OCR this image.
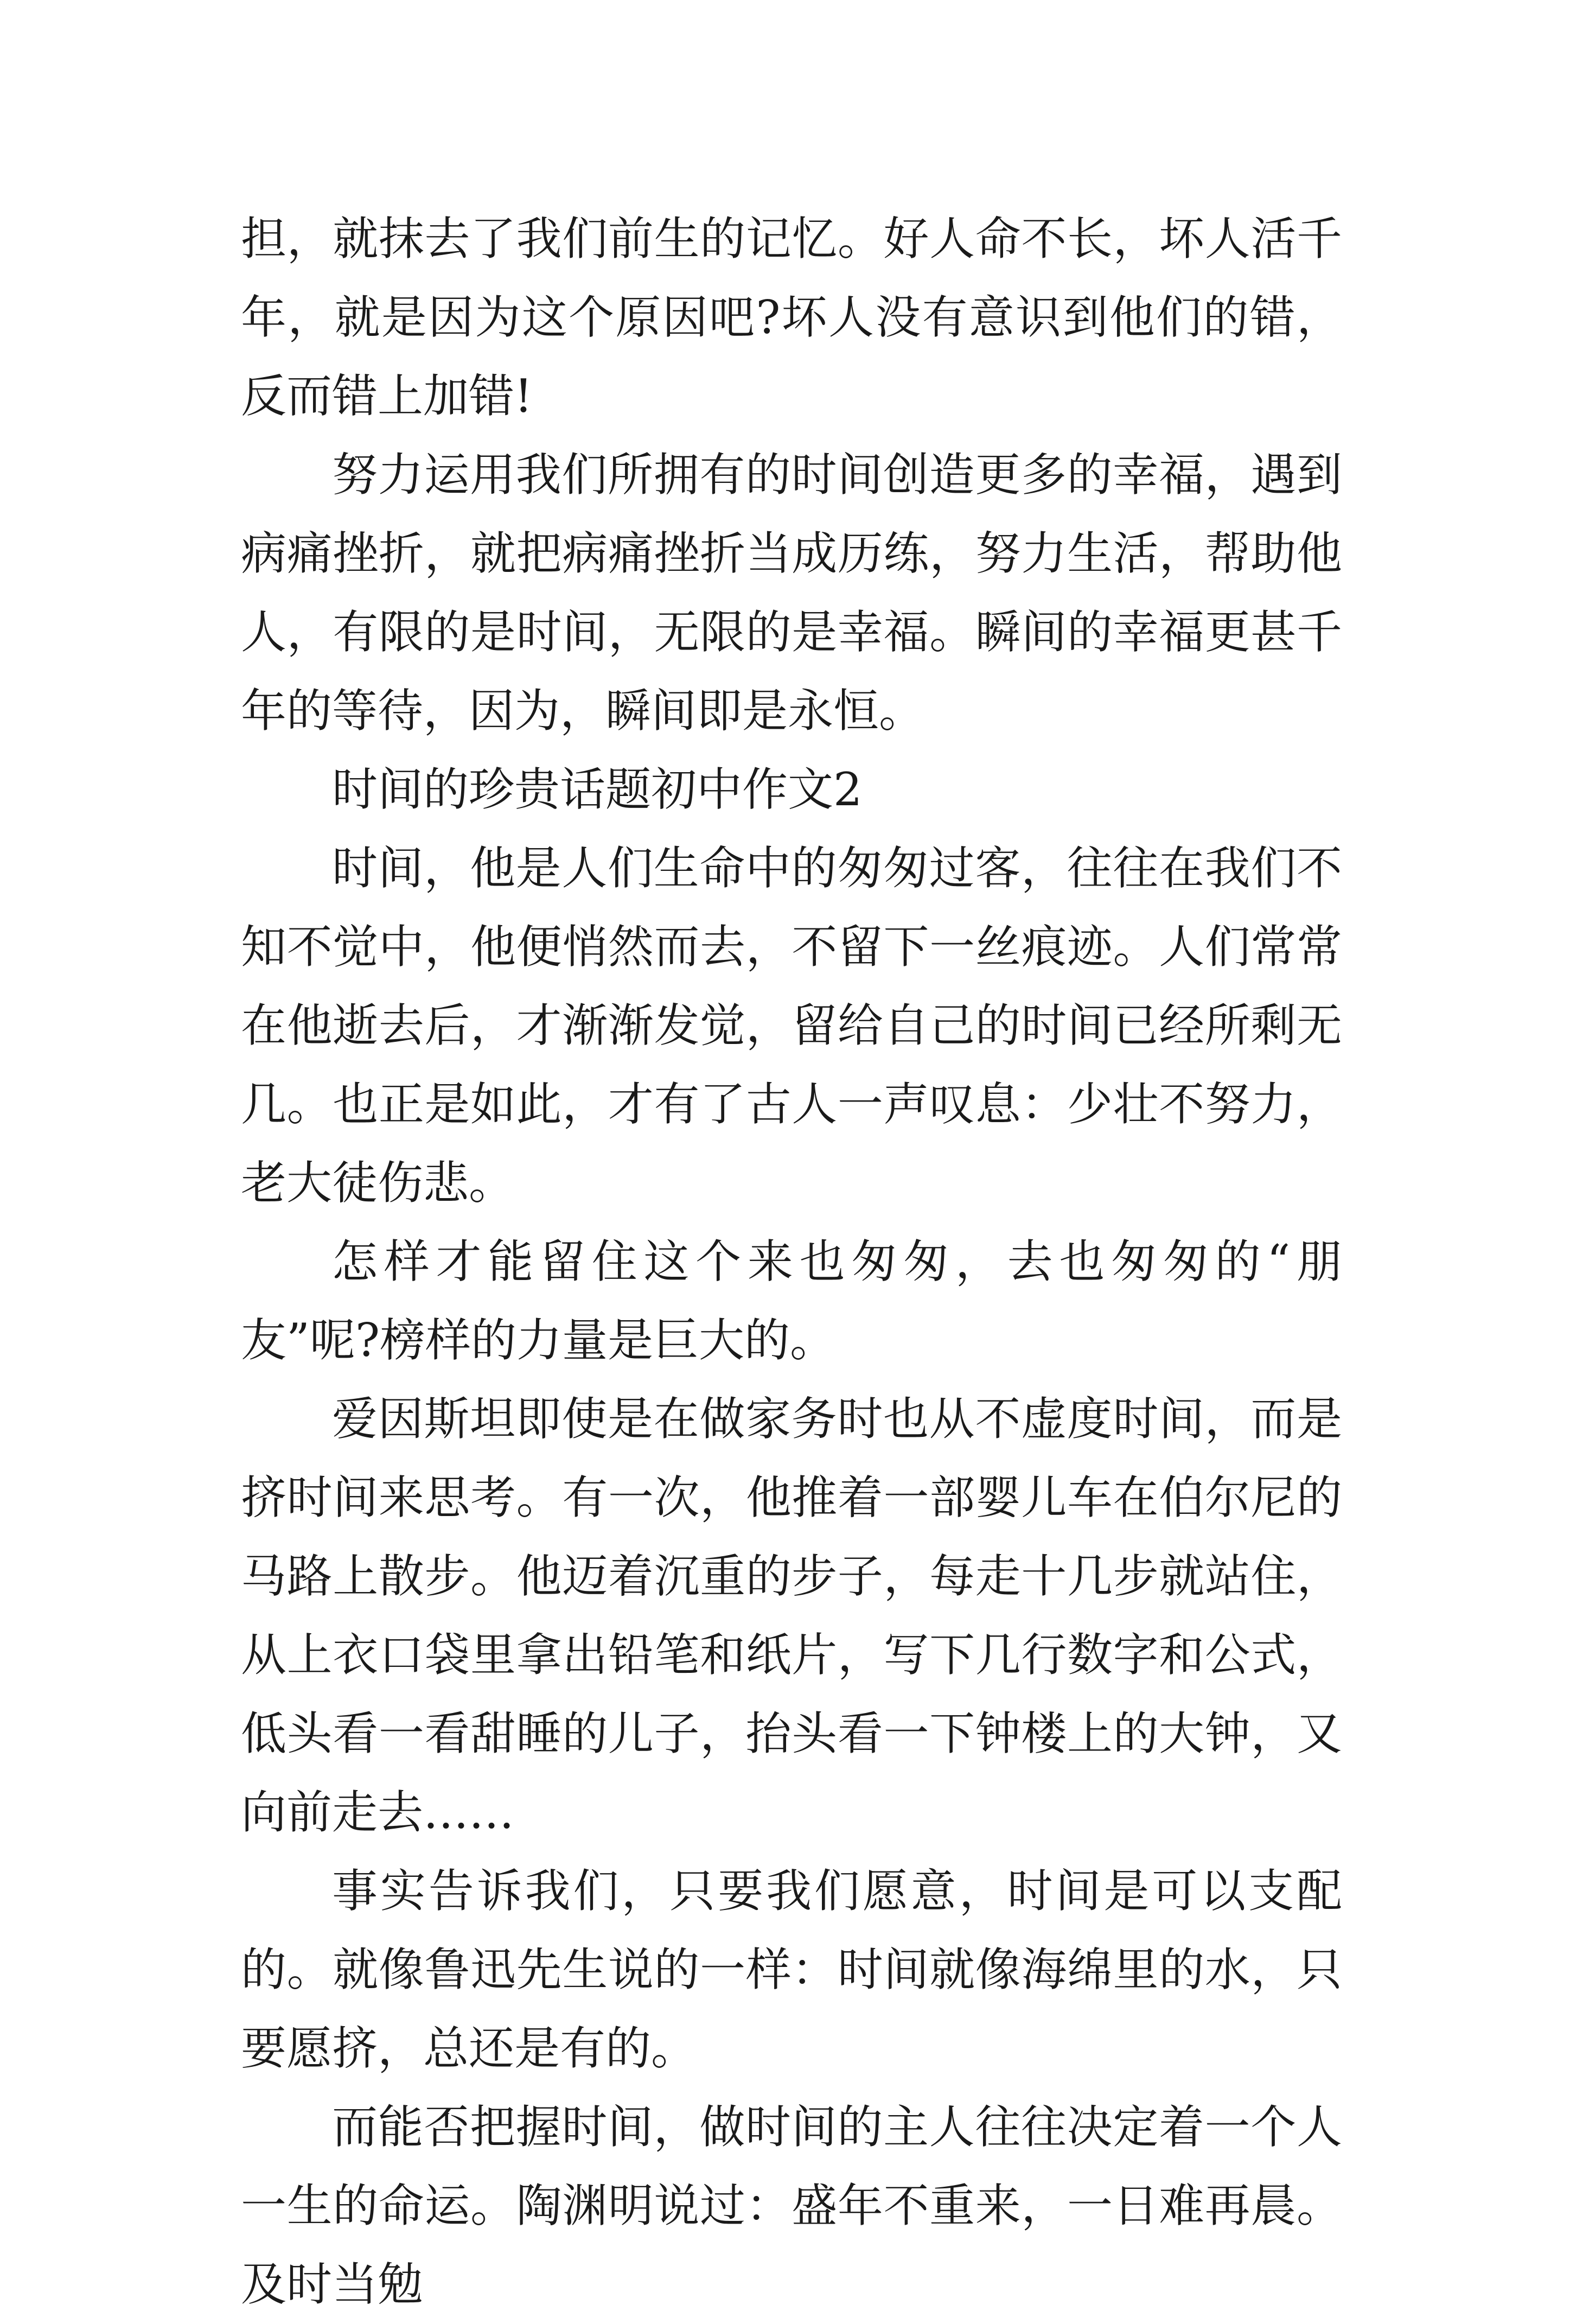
担，就抹去了我们前生的记忆。好人命不长，坏人活千年，就是因为这个原因吧?坏人没有意识到他们的错，反而错上加错!

努力运用我们所拥有的时间创造更多的幸福，遇到病痛挫折，就把病痛挫折当成历练，努力生活，帮助他人，有限的是时间，无限的是幸福。瞬间的幸福更甚千年的等待，因为，瞬间即是永恒。

时间的珍贵话题初中作文2

时间，他是人们生命中的匆匆过客，往往在我们不知不觉中，他便悄然而去，不留下一丝痕迹。人们常常在他逝去后，才渐渐发觉，留给自己的时间已经所剩无几。也正是如此，才有了古人一声叹息：少壮不努力，老大徒伤悲。

怎样才能留住这个来也匆匆，去也匆匆的“朋友”呢?榜样的力量是巨大的。

爱因斯坦即使是在做家务时也从不虚度时间，而是挤时间来思考。有一次，他推着一部婴儿车在伯尔尼的马路上散步。他迈着沉重的步子，每走十几步就站住，从上衣口袋里拿出铅笔和纸片，写下几行数字和公式，低头看一看甜睡的儿子，抬头看一下钟楼上的大钟，又向前走去……

事实告诉我们，只要我们愿意，时间是可以支配的。就像鲁迅先生说的一样：时间就像海绵里的水，只要愿挤，总还是有的。

而能否把握时间，做时间的主人往往决定着一个人一生的命运。陶渊明说过：盛年不重来，一日难再晨。及时当勉
